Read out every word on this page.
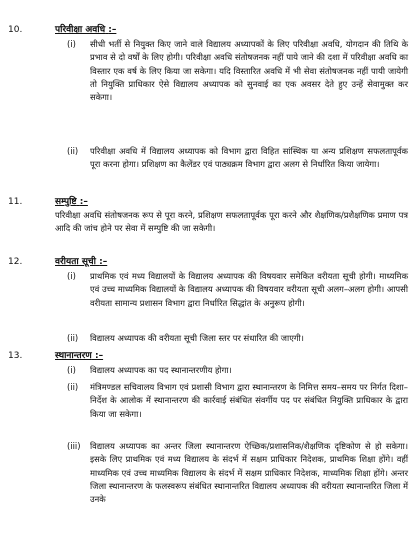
10.	परिवीक्षा अवधि :–
(i) सीधी भर्ती से नियुक्त किए जाने वाले विद्यालय अध्यापकों के लिए परिवीक्षा अवधि, योगदान की तिथि के प्रभाव से दो वर्षों के लिए होगी। परिवीक्षा अवधि संतोषजनक नहीं पाये जाने की दशा में परिवीक्षा अवधि का विस्तार एक वर्ष के लिए किया जा सकेगा। यदि विस्तारित अवधि में भी सेवा संतोषजनक नहीं पायी जायेगी तो नियुक्ति प्राधिकार ऐसे विद्यालय अध्यापक को सुनवाई का एक अवसर देते हुए उन्हें सेवामुक्त कर सकेगा।

(ii) परिवीक्षा अवधि में विद्यालय अध्यापक को विभाग द्वारा विहित सांस्थिक या अन्य प्रशिक्षण सफलतापूर्वक पूरा करना होगा। प्रशिक्षण का कैलेंडर एवं पाठ्यक्रम विभाग द्वारा अलग से निर्धारित किया जायेगा।

11.	सम्पुष्टि :–

परिवीक्षा अवधि संतोषजनक रूप से पूरा करने, प्रशिक्षण सफलतापूर्वक पूरा करने और शैक्षणिक/प्रशैक्षणिक प्रमाण पत्र आदि की जांच होने पर सेवा में सम्पुष्टि की जा सकेगी।

12.	वरीयता सूची :–
(i) प्राथमिक एवं मध्य विद्यालयों के विद्यालय अध्यापक की विषयवार समेकित वरीयता सूची होगी। माध्यमिक एवं उच्च माध्यमिक विद्यालयों के विद्यालय अध्यापक की विषयवार वरीयता सूची अलग–अलग होगी। आपसी वरीयता सामान्य प्रशासन विभाग द्वारा निर्धारित सिद्धांत के अनुरूप होगी।

(ii) विद्यालय अध्यापक की वरीयता सूची जिला स्तर पर संधारित की जाएगी।

13.	स्थानान्तरण :–
(i) विद्यालय अध्यापक का पद स्थानान्तरणीय होगा।

(ii) मंत्रिमण्डल सचिवालय विभाग एवं प्रशासी विभाग द्वारा स्थानान्तरण के निमित्त समय–समय पर निर्गत दिशा–निर्देश के आलोक में स्थानान्तरण की कार्रवाई संबंधित संवर्गीय पद पर संबंधित नियुक्ति प्राधिकार के द्वारा किया जा सकेगा।

(iii) विद्यालय अध्यापक का अन्तर जिला स्थानान्तरण ऐच्छिक/प्रशासनिक/शैक्षणिक दृष्टिकोण से हो सकेगा। इसके लिए प्राथमिक एवं मध्य विद्यालय के संदर्भ में सक्षम प्राधिकार निदेशक, प्राथमिक शिक्षा होंगे। वहीं माध्यमिक एवं उच्च माध्यमिक विद्यालय के संदर्भ में सक्षम प्राधिकार निदेशक, माध्यमिक शिक्षा होंगे। अन्तर जिला स्थानान्तरण के फलस्वरूप संबंधित स्थानान्तरित विद्यालय अध्यापक की वरीयता स्थानान्तरित जिला में उनके
